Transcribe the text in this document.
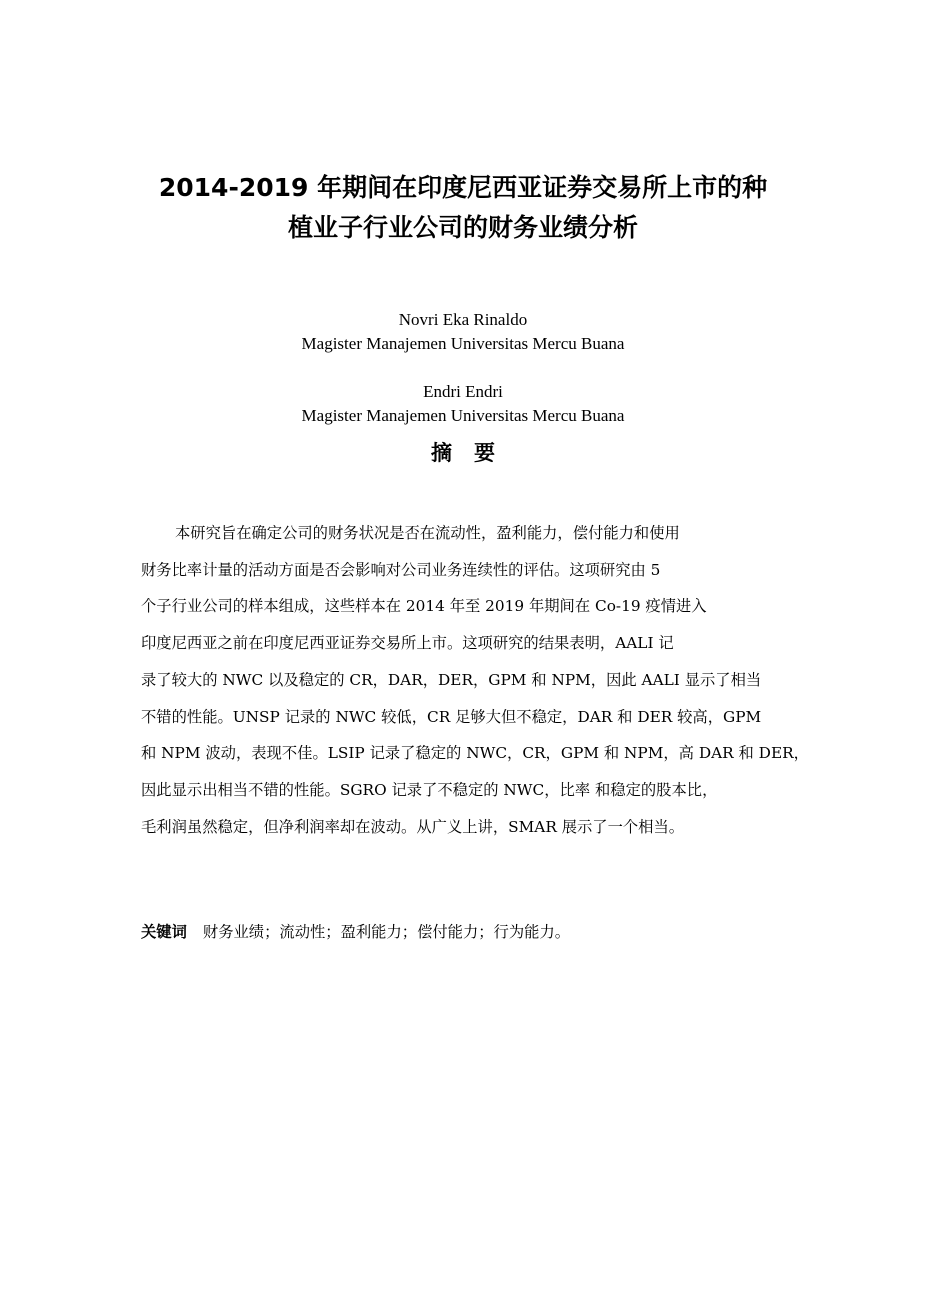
2014-2019 年期间在印度尼西亚证券交易所上市的种
植业子行业公司的财务业绩分析
Novri Eka Rinaldo
Magister Manajemen Universitas Mercu Buana
Endri Endri
Magister Manajemen Universitas Mercu Buana
摘要
本研究旨在确定公司的财务状况是否在流动性，盈利能力，偿付能力和使用
财务比率计量的活动方面是否会影响对公司业务连续性的评估。这项研究由 5
个子行业公司的样本组成，这些样本在 2014 年至 2019 年期间在 Co-19 疫情进入
印度尼西亚之前在印度尼西亚证券交易所上市。这项研究的结果表明，AALI 记
录了较大的 NWC 以及稳定的 CR，DAR，DER，GPM 和 NPM，因此 AALI 显示了相当
不错的性能。UNSP 记录的 NWC 较低，CR 足够大但不稳定，DAR 和 DER 较高，GPM
和 NPM 波动，表现不佳。LSIP 记录了稳定的 NWC，CR，GPM 和 NPM，高 DAR 和 DER，
因此显示出相当不错的性能。SGRO 记录了不稳定的 NWC，比率 和稳定的股本比，
毛利润虽然稳定，但净利润率却在波动。从广义上讲，SMAR 展示了一个相当。
关键词 财务业绩；流动性；盈利能力；偿付能力；行为能力。
